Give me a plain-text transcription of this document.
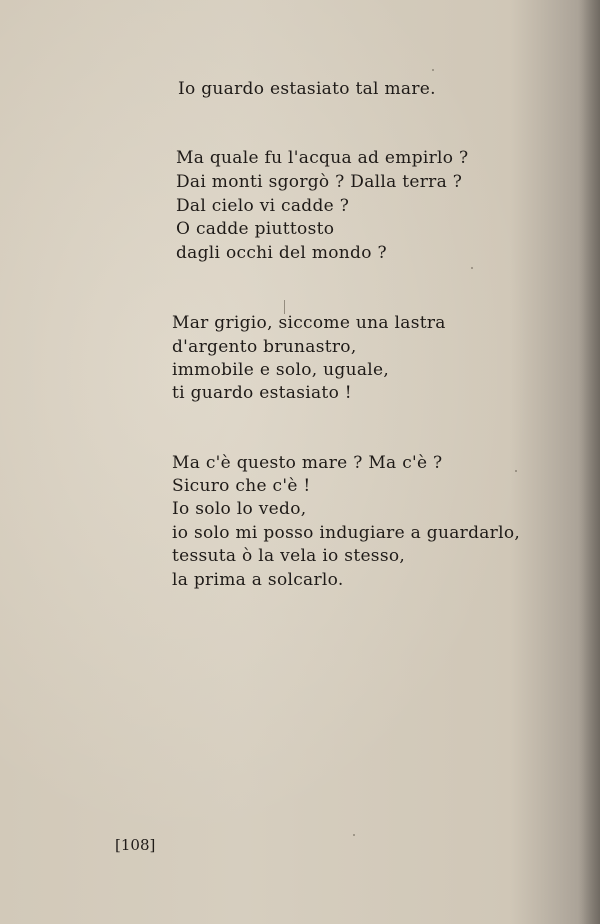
Io guardo estasiato tal mare.
Ma quale fu l'acqua ad empirlo ?
Dai monti sgorgò ? Dalla terra ?
Dal cielo vi cadde ?
O cadde piuttosto
dagli occhi del mondo ?
Mar grigio, siccome una lastra
d'argento brunastro,
immobile e solo, uguale,
ti guardo estasiato !
Ma c'è questo mare ? Ma c'è ?
Sicuro che c'è !
Io solo lo vedo,
io solo mi posso indugiare a guardarlo,
tessuta ò la vela io stesso,
la prima a solcarlo.
[108]
